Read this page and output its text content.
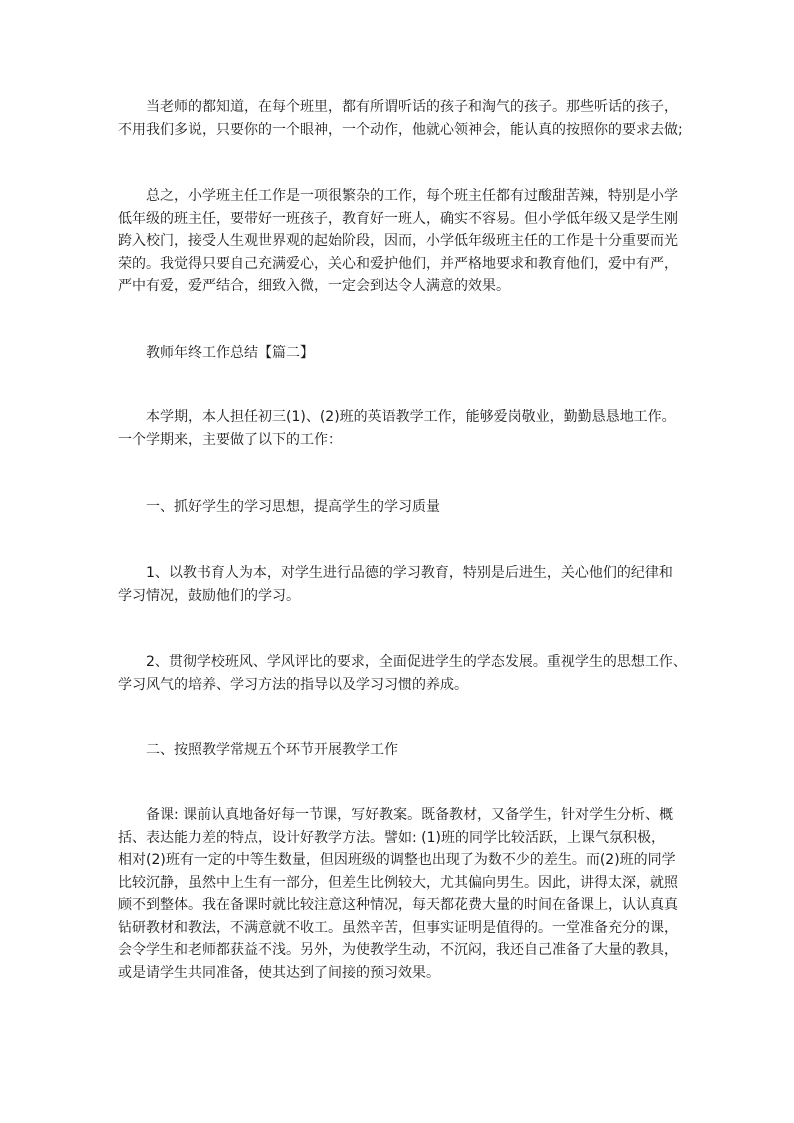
当老师的都知道，在每个班里，都有所谓听话的孩子和淘气的孩子。那些听话的孩子，
不用我们多说，只要你的一个眼神，一个动作，他就心领神会，能认真的按照你的要求去做;

总之，小学班主任工作是一项很繁杂的工作，每个班主任都有过酸甜苦辣，特别是小学
低年级的班主任，要带好一班孩子，教育好一班人，确实不容易。但小学低年级又是学生刚
跨入校门，接受人生观世界观的起始阶段，因而，小学低年级班主任的工作是十分重要而光
荣的。我觉得只要自己充满爱心，关心和爱护他们，并严格地要求和教育他们，爱中有严，
严中有爱，爱严结合，细致入微，一定会到达令人满意的效果。

教师年终工作总结【篇二】

本学期，本人担任初三(1)、(2)班的英语教学工作，能够爱岗敬业，勤勤恳恳地工作。
一个学期来，主要做了以下的工作：

一、抓好学生的学习思想，提高学生的学习质量

1、以教书育人为本，对学生进行品德的学习教育，特别是后进生，关心他们的纪律和
学习情况，鼓励他们的学习。

2、贯彻学校班风、学风评比的要求，全面促进学生的学态发展。重视学生的思想工作、
学习风气的培养、学习方法的指导以及学习习惯的养成。

二、按照教学常规五个环节开展教学工作

备课: 课前认真地备好每一节课，写好教案。既备教材，又备学生，针对学生分析、概
括、表达能力差的特点，设计好教学方法。譬如: (1)班的同学比较活跃，上课气氛积极，
相对(2)班有一定的中等生数量，但因班级的调整也出现了为数不少的差生。而(2)班的同学
比较沉静，虽然中上生有一部分，但差生比例较大，尤其偏向男生。因此，讲得太深，就照
顾不到整体。我在备课时就比较注意这种情况，每天都花费大量的时间在备课上，认认真真
钻研教材和教法，不满意就不收工。虽然辛苦，但事实证明是值得的。一堂准备充分的课，
会令学生和老师都获益不浅。另外，为使教学生动，不沉闷，我还自己准备了大量的教具，
或是请学生共同准备，使其达到了间接的预习效果。
